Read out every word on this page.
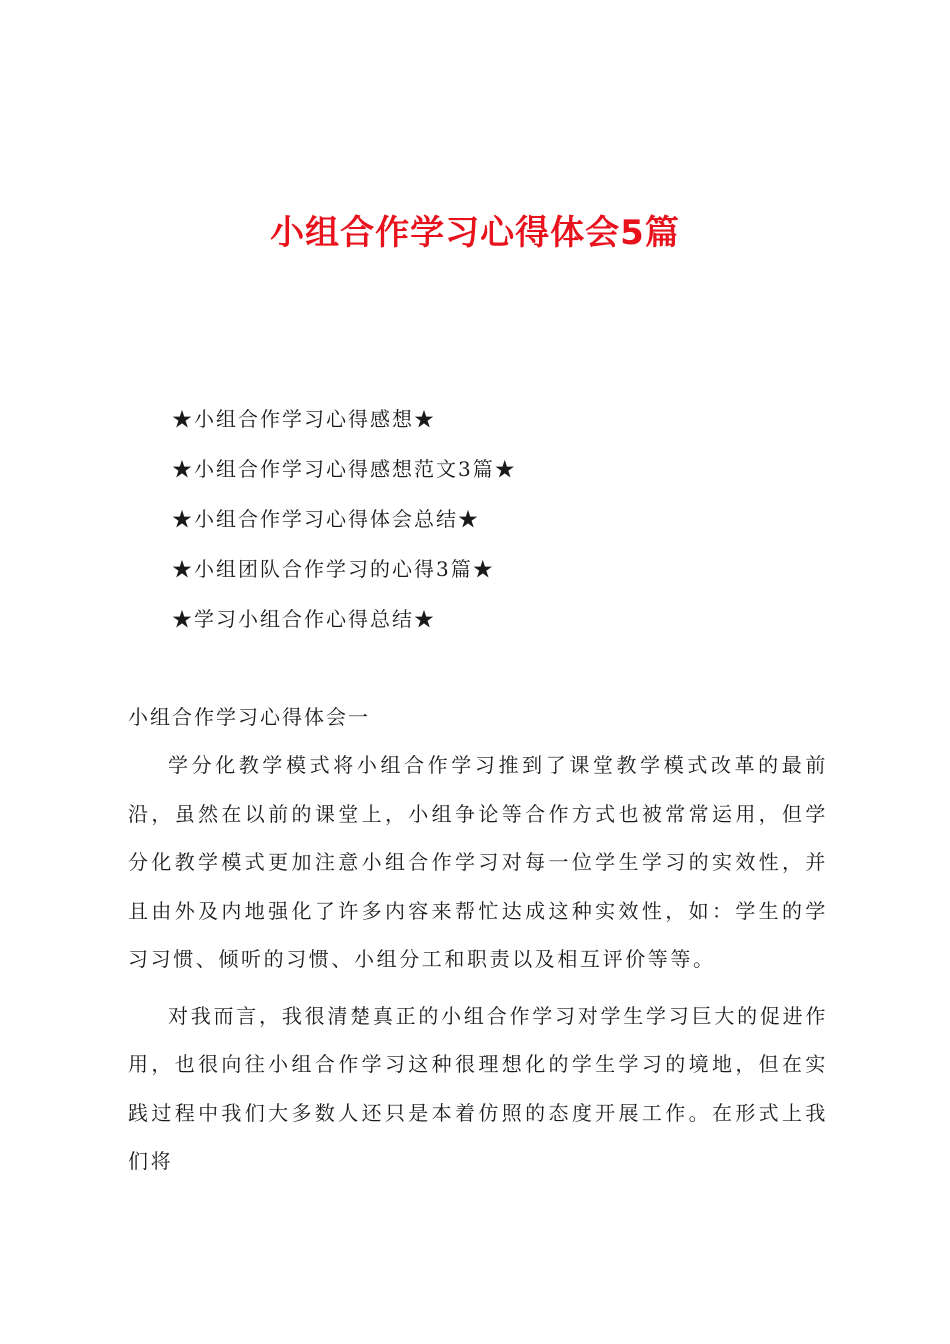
小组合作学习心得体会5篇
★小组合作学习心得感想★
★小组合作学习心得感想范文3篇★
★小组合作学习心得体会总结★
★小组团队合作学习的心得3篇★
★学习小组合作心得总结★
小组合作学习心得体会一

学分化教学模式将小组合作学习推到了课堂教学模式改革的最前沿，虽然在以前的课堂上，小组争论等合作方式也被常常运用，但学分化教学模式更加注意小组合作学习对每一位学生学习的实效性，并且由外及内地强化了许多内容来帮忙达成这种实效性，如：学生的学习习惯、倾听的习惯、小组分工和职责以及相互评价等等。

对我而言，我很清楚真正的小组合作学习对学生学习巨大的促进作用，也很向往小组合作学习这种很理想化的学生学习的境地，但在实践过程中我们大多数人还只是本着仿照的态度开展工作。在形式上我们将
